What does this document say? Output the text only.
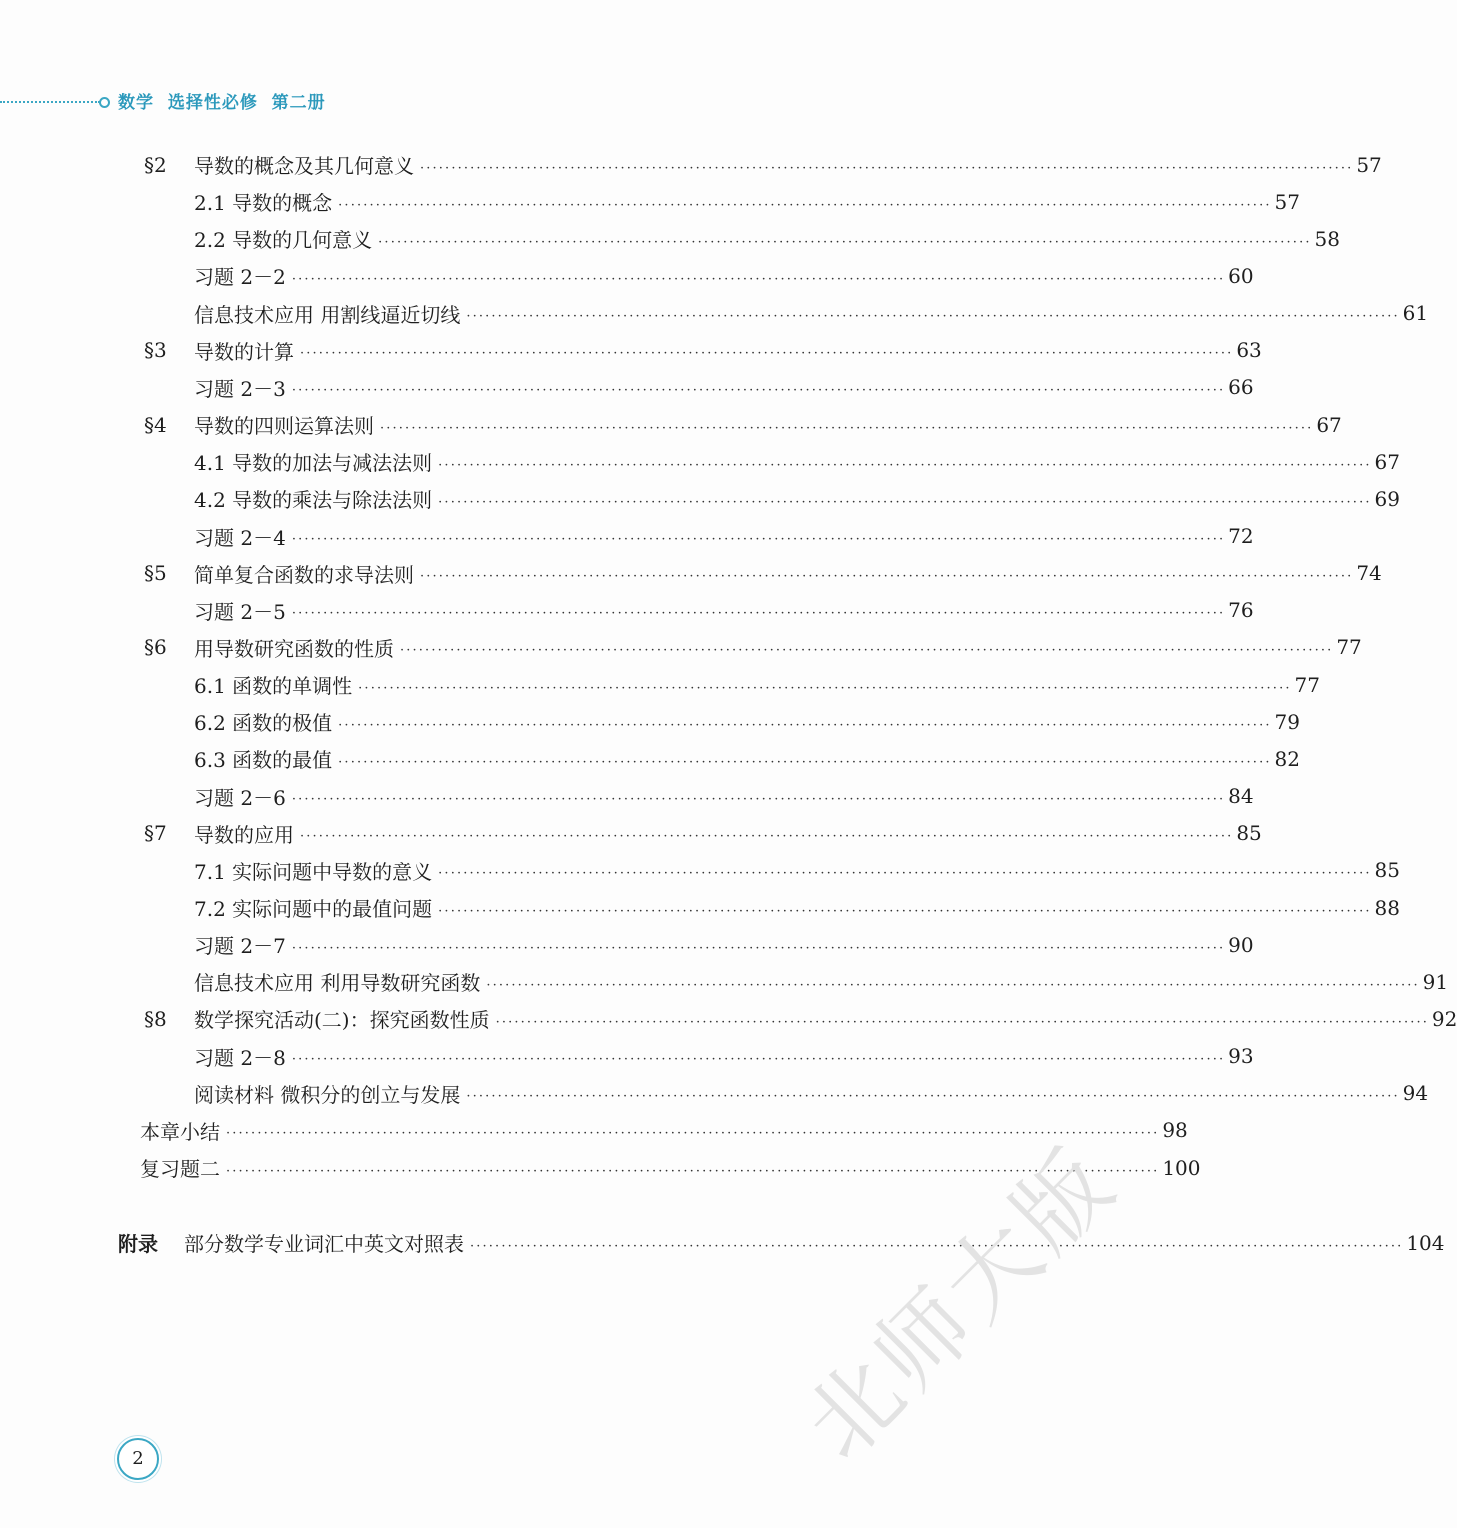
数学  选择性必修  第二册
§2	导数的概念及其几何意义 · · ·	57
2.1 导数的概念 · · ·	57
2.2 导数的几何意义 · · ·	58
习题 2－2 · · ·	60
信息技术应用 用割线逼近切线 · · ·	61
§3	导数的计算 · · ·	63
习题 2－3 · · ·	66
§4	导数的四则运算法则 · · ·	67
4.1 导数的加法与减法法则 · · ·	67
4.2 导数的乘法与除法法则 · · ·	69
习题 2－4 · · ·	72
§5	简单复合函数的求导法则 · · ·	74
习题 2－5 · · ·	76
§6	用导数研究函数的性质 · · ·	77
6.1 函数的单调性 · · ·	77
6.2 函数的极值 · · ·	79
6.3 函数的最值 · · ·	82
习题 2－6 · · ·	84
§7	导数的应用 · · ·	85
7.1 实际问题中导数的意义 · · ·	85
7.2 实际问题中的最值问题 · · ·	88
习题 2－7 · · ·	90
信息技术应用 利用导数研究函数 · · ·	91
§8	数学探究活动(二)：探究函数性质 · · ·	92
习题 2－8 · · ·	93
阅读材料 微积分的创立与发展 · · ·	94
本章小结 · · ·	98
复习题二 · · ·	100
附录 部分数学专业词汇中英文对照表 · · ·	104
2	北师大版
